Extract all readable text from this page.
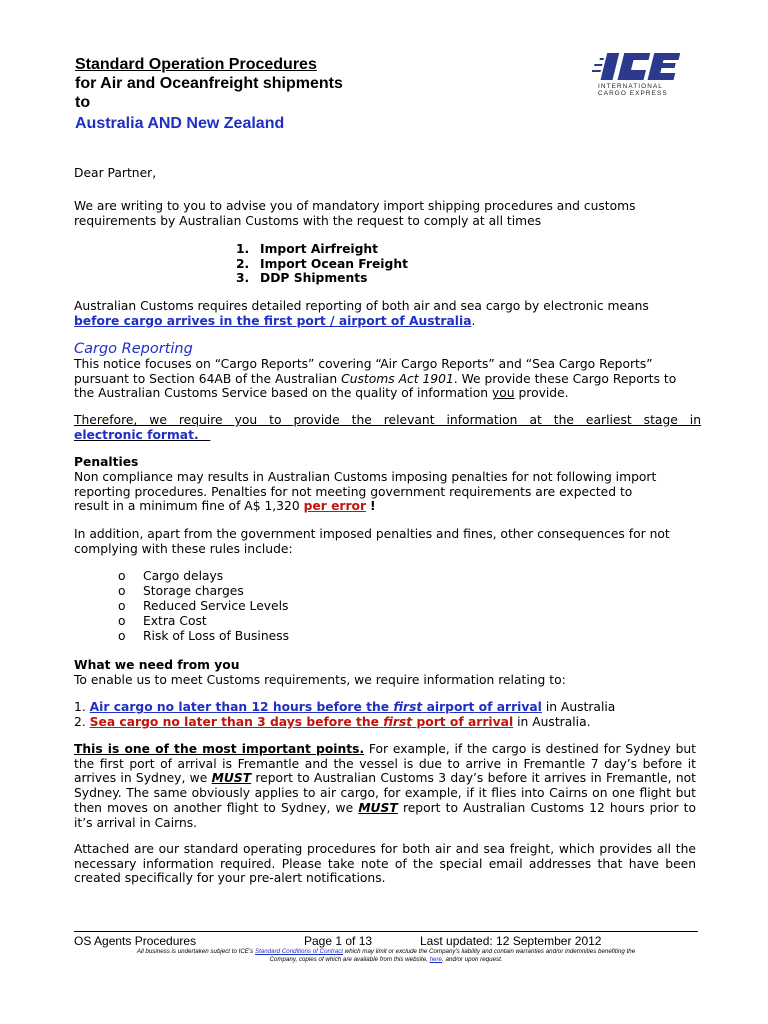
Standard Operation Procedures
for Air and Oceanfreight shipments
to
Australia AND New Zealand
INTERNATIONAL
CARGO EXPRESS
Dear Partner,
We are writing to you to advise you of mandatory import shipping procedures and customs requirements by Australian Customs with the request to comply at all times
1. Import Airfreight
2. Import Ocean Freight
3. DDP Shipments
Australian Customs requires detailed reporting of both air and sea cargo by electronic means
before cargo arrives in the first port / airport of Australia.
Cargo Reporting
This notice focuses on “Cargo Reports” covering “Air Cargo Reports” and “Sea Cargo Reports” pursuant to Section 64AB of the Australian Customs Act 1901. We provide these Cargo Reports to the Australian Customs Service based on the quality of information you provide.
Therefore, we require you to provide the relevant information at the earliest stage in
electronic format.
Penalties
Non compliance may results in Australian Customs imposing penalties for not following import reporting procedures. Penalties for not meeting government requirements are expected to result in a minimum fine of A$ 1,320 per error !
In addition, apart from the government imposed penalties and fines, other consequences for not complying with these rules include:
o Cargo delays
o Storage charges
o Reduced Service Levels
o Extra Cost
o Risk of Loss of Business
What we need from you
To enable us to meet Customs requirements, we require information relating to:
1. Air cargo no later than 12 hours before the first airport of arrival in Australia
2. Sea cargo no later than 3 days before the first port of arrival in Australia.
This is one of the most important points. For example, if the cargo is destined for Sydney but the first port of arrival is Fremantle and the vessel is due to arrive in Fremantle 7 day’s before it arrives in Sydney, we MUST report to Australian Customs 3 day’s before it arrives in Fremantle, not Sydney. The same obviously applies to air cargo, for example, if it flies into Cairns on one flight but then moves on another flight to Sydney, we MUST report to Australian Customs 12 hours prior to it’s arrival in Cairns.
Attached are our standard operating procedures for both air and sea freight, which provides all the necessary information required. Please take note of the special email addresses that have been created specifically for your pre-alert notifications.
OS Agents Procedures	Page 1 of 13	Last updated: 12 September 2012
All business is undertaken subject to ICE's Standard Conditions of Contract which may limit or exclude the Company's liability and contain warranties and/or indemnities benefiting the
Company, copies of which are available from this website, here, and/or upon request.
